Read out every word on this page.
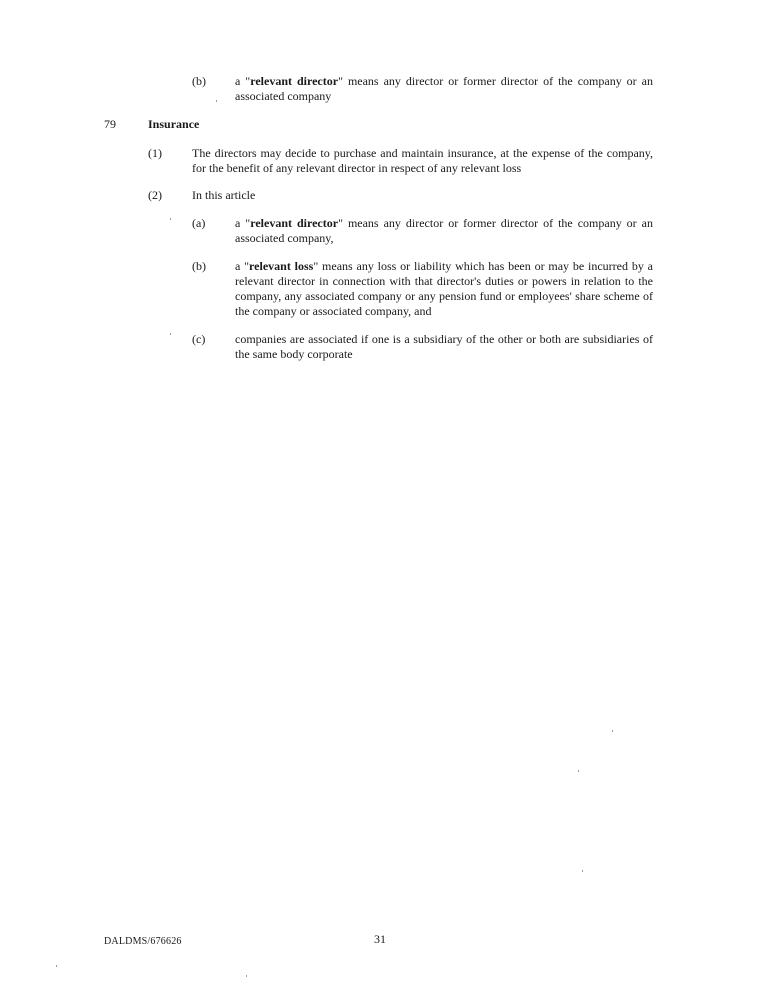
(b) a "relevant director" means any director or former director of the company or an associated company
79	Insurance
(1)	The directors may decide to purchase and maintain insurance, at the expense of the company, for the benefit of any relevant director in respect of any relevant loss
(2)	In this article
(a) a "relevant director" means any director or former director of the company or an associated company,
(b) a "relevant loss" means any loss or liability which has been or may be incurred by a relevant director in connection with that director's duties or powers in relation to the company, any associated company or any pension fund or employees' share scheme of the company or associated company, and
(c) companies are associated if one is a subsidiary of the other or both are subsidiaries of the same body corporate
DALDMS/676626	31
